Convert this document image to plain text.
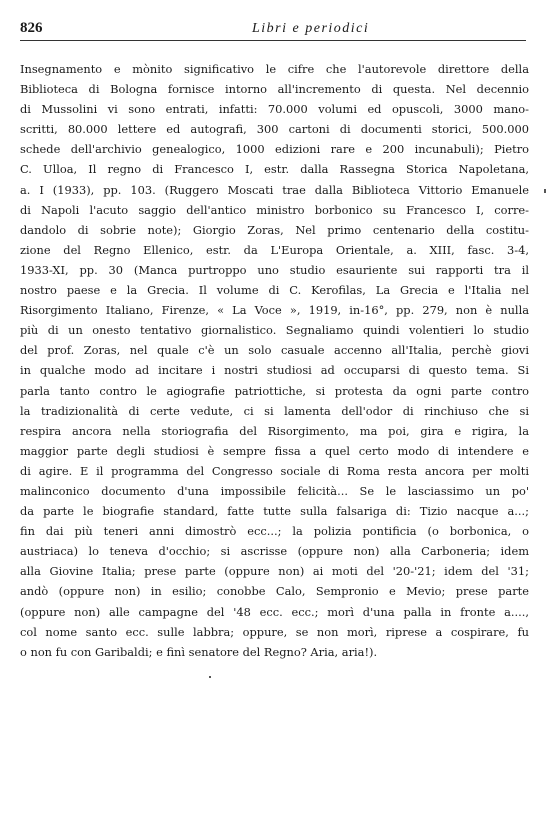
826	Libri e periodici
Insegnamento e mònito significativo le cifre che l'autorevole direttore della
Biblioteca di Bologna fornisce intorno all'incremento di questa. Nel decennio
di Mussolini vi sono entrati, infatti: 70.000 volumi ed opuscoli, 3000 mano-
scritti, 80.000 lettere ed autografi, 300 cartoni di documenti storici, 500.000
schede dell'archivio genealogico, 1000 edizioni rare e 200 incunabuli); Pietro
C. Ulloa, Il regno di Francesco I, estr. dalla Rassegna Storica Napoletana,
a. I (1933), pp. 103. (Ruggero Moscati trae dalla Biblioteca Vittorio Emanuele
di Napoli l'acuto saggio dell'antico ministro borbonico su Francesco I, corre-
dandolo di sobrie note); Giorgio Zoras, Nel primo centenario della costitu-
zione del Regno Ellenico, estr. da L'Europa Orientale, a. XIII, fasc. 3-4,
1933-XI, pp. 30 (Manca purtroppo uno studio esauriente sui rapporti tra il
nostro paese e la Grecia. Il volume di C. Kerofilas, La Grecia e l'Italia nel
Risorgimento Italiano, Firenze, « La Voce », 1919, in-16°, pp. 279, non è nulla
più di un onesto tentativo giornalistico. Segnaliamo quindi volentieri lo studio
del prof. Zoras, nel quale c'è un solo casuale accenno all'Italia, perchè giovi
in qualche modo ad incitare i nostri studiosi ad occuparsi di questo tema. Si
parla tanto contro le agiografie patriottiche, si protesta da ogni parte contro
la tradizionalità di certe vedute, ci si lamenta dell'odor di rinchiuso che si
respira ancora nella storiografia del Risorgimento, ma poi, gira e rigira, la
maggior parte degli studiosi è sempre fissa a quel certo modo di intendere e
di agire. E il programma del Congresso sociale di Roma resta ancora per molti
malinconico documento d'una impossibile felicità... Se le lasciassimo un po'
da parte le biografie standard, fatte tutte sulla falsariga di: Tizio nacque a...;
fin dai più teneri anni dimostrò ecc...; la polizia pontificia (o borbonica, o
austriaca) lo teneva d'occhio; si ascrisse (oppure non) alla Carboneria; idem
alla Giovine Italia; prese parte (oppure non) ai moti del '20-'21; idem del '31;
andò (oppure non) in esilio; conobbe Calo, Sempronio e Mevio; prese parte
(oppure non) alle campagne del '48 ecc. ecc.; morì d'una palla in fronte a....,
col nome santo ecc. sulle labbra; oppure, se non morì, riprese a cospirare, fu
o non fu con Garibaldi; e finì senatore del Regno? Aria, aria!).
